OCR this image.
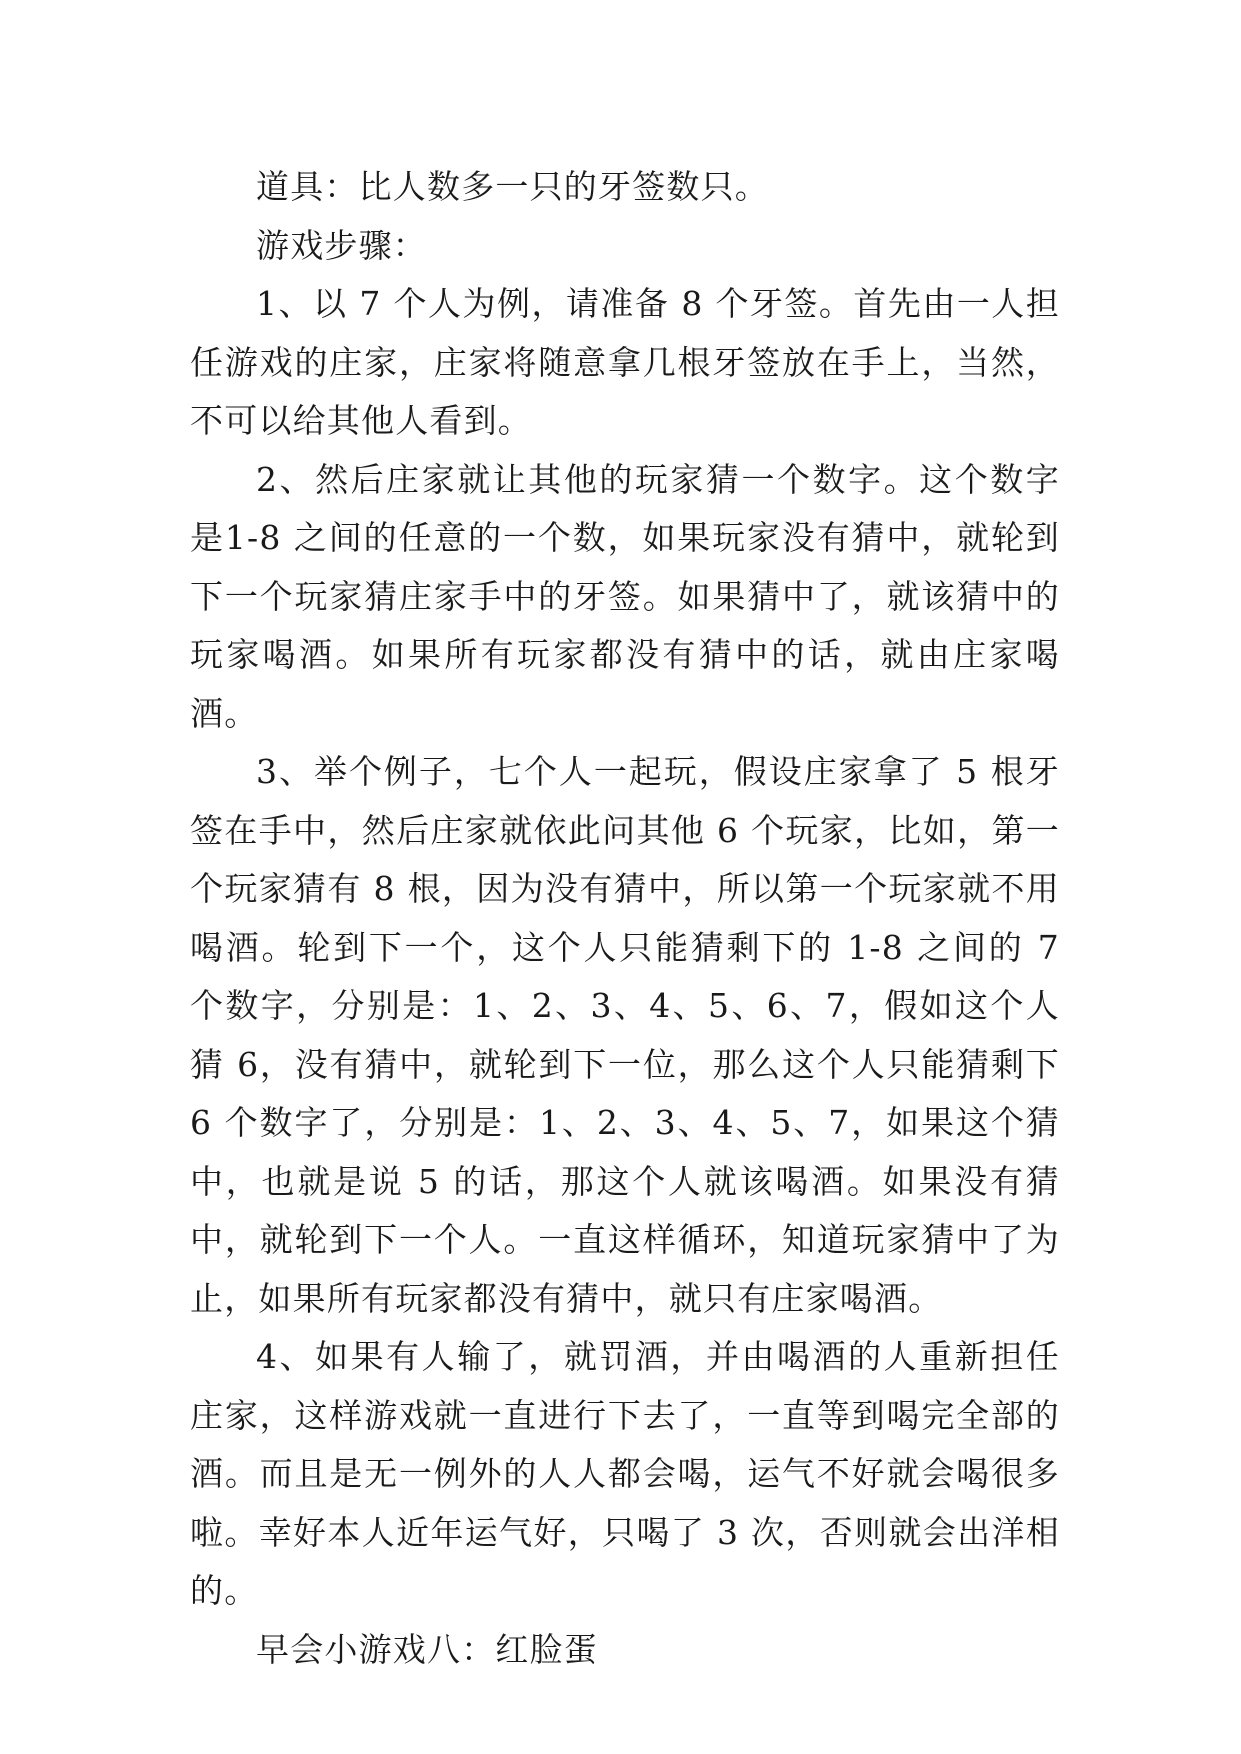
道具：比人数多一只的牙签数只。

游戏步骤：

1、以 7 个人为例，请准备 8 个牙签。首先由一人担任游戏的庄家，庄家将随意拿几根牙签放在手上，当然，不可以给其他人看到。

2、然后庄家就让其他的玩家猜一个数字。这个数字是1-8 之间的任意的一个数，如果玩家没有猜中，就轮到下一个玩家猜庄家手中的牙签。如果猜中了，就该猜中的玩家喝酒。如果所有玩家都没有猜中的话，就由庄家喝酒。

3、举个例子，七个人一起玩，假设庄家拿了 5 根牙签在手中，然后庄家就依此问其他 6 个玩家，比如，第一个玩家猜有 8 根，因为没有猜中，所以第一个玩家就不用喝酒。轮到下一个，这个人只能猜剩下的 1-8 之间的 7 个数字，分别是：1、2、3、4、5、6、7，假如这个人猜 6，没有猜中，就轮到下一位，那么这个人只能猜剩下 6 个数字了，分别是：1、2、3、4、5、7，如果这个猜中，也就是说 5 的话，那这个人就该喝酒。如果没有猜中，就轮到下一个人。一直这样循环，知道玩家猜中了为止，如果所有玩家都没有猜中，就只有庄家喝酒。

4、如果有人输了，就罚酒，并由喝酒的人重新担任庄家，这样游戏就一直进行下去了，一直等到喝完全部的酒。而且是无一例外的人人都会喝，运气不好就会喝很多啦。幸好本人近年运气好，只喝了 3 次，否则就会出洋相的。

早会小游戏八：红脸蛋
